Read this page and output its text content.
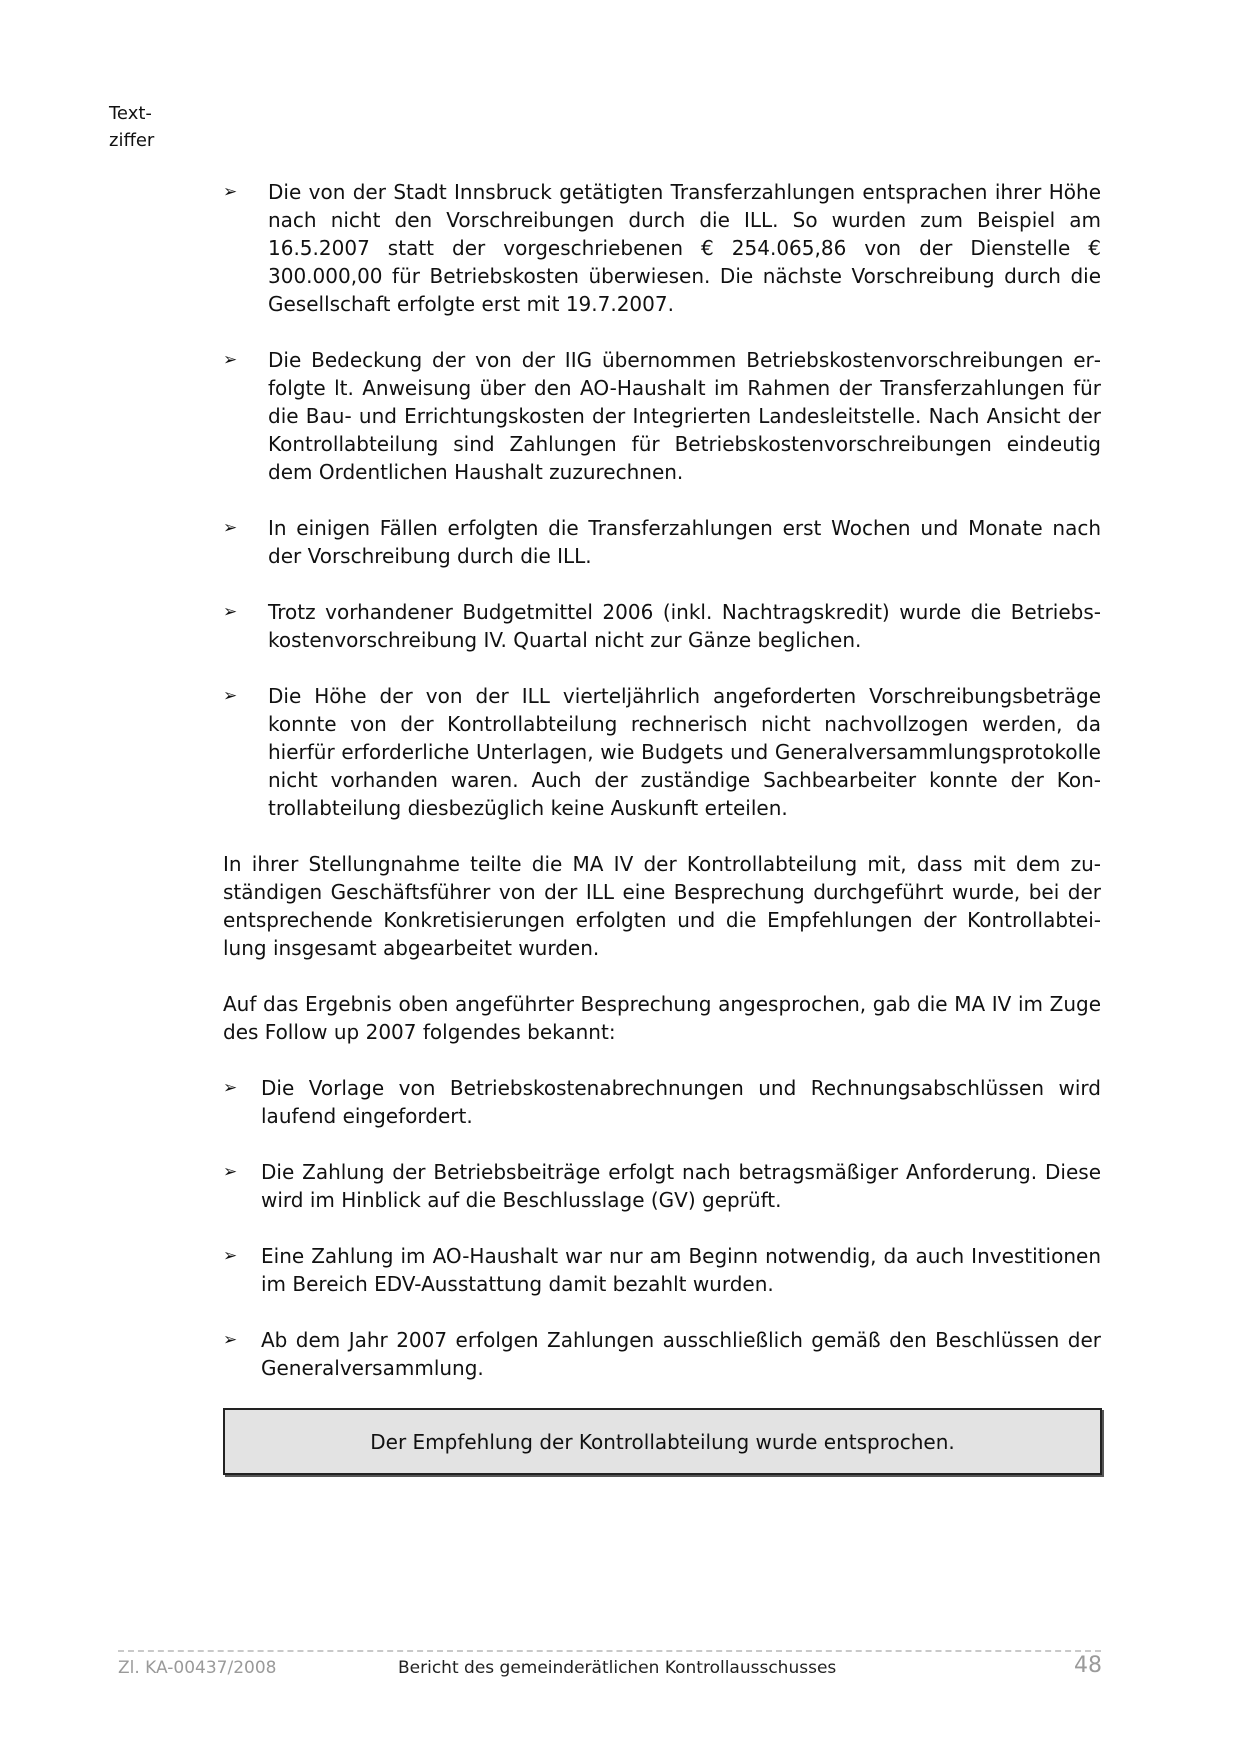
Text-
ziffer
➢ Die von der Stadt Innsbruck getätigten Transferzahlungen entsprachen ihrer Höhe nach nicht den Vorschreibungen durch die ILL. So wurden zum Beispiel am 16.5.2007 statt der vorgeschriebenen € 254.065,86 von der Dienstelle € 300.000,00 für Betriebskosten überwiesen. Die nächste Vorschreibung durch die Gesellschaft erfolgte erst mit 19.7.2007.

➢ Die Bedeckung der von der IIG übernommen Betriebskostenvorschreibungen erfolgte lt. Anweisung über den AO-Haushalt im Rahmen der Transferzahlungen für die Bau- und Errichtungskosten der Integrierten Landesleitstelle. Nach Ansicht der Kontrollabteilung sind Zahlungen für Betriebskostenvorschreibungen eindeutig dem Ordentlichen Haushalt zuzurechnen.

➢ In einigen Fällen erfolgten die Transferzahlungen erst Wochen und Monate nach der Vorschreibung durch die ILL.

➢ Trotz vorhandener Budgetmittel 2006 (inkl. Nachtragskredit) wurde die Betriebskostenvorschreibung IV. Quartal nicht zur Gänze beglichen.

➢ Die Höhe der von der ILL vierteljährlich angeforderten Vorschreibungsbeträge konnte von der Kontrollabteilung rechnerisch nicht nachvollzogen werden, da hierfür erforderliche Unterlagen, wie Budgets und Generalversammlungsprotokolle nicht vorhanden waren. Auch der zuständige Sachbearbeiter konnte der Kontrollabteilung diesbezüglich keine Auskunft erteilen.

In ihrer Stellungnahme teilte die MA IV der Kontrollabteilung mit, dass mit dem zuständigen Geschäftsführer von der ILL eine Besprechung durchgeführt wurde, bei der entsprechende Konkretisierungen erfolgten und die Empfehlungen der Kontrollabteilung insgesamt abgearbeitet wurden.

Auf das Ergebnis oben angeführter Besprechung angesprochen, gab die MA IV im Zuge des Follow up 2007 folgendes bekannt:

➢ Die Vorlage von Betriebskostenabrechnungen und Rechnungsabschlüssen wird laufend eingefordert.

➢ Die Zahlung der Betriebsbeiträge erfolgt nach betragsmäßiger Anforderung. Diese wird im Hinblick auf die Beschlusslage (GV) geprüft.

➢ Eine Zahlung im AO-Haushalt war nur am Beginn notwendig, da auch Investitionen im Bereich EDV-Ausstattung damit bezahlt wurden.

➢ Ab dem Jahr 2007 erfolgen Zahlungen ausschließlich gemäß den Beschlüssen der Generalversammlung.

Der Empfehlung der Kontrollabteilung wurde entsprochen.
Zl. KA-00437/2008	Bericht des gemeinderätlichen Kontrollausschusses	48
